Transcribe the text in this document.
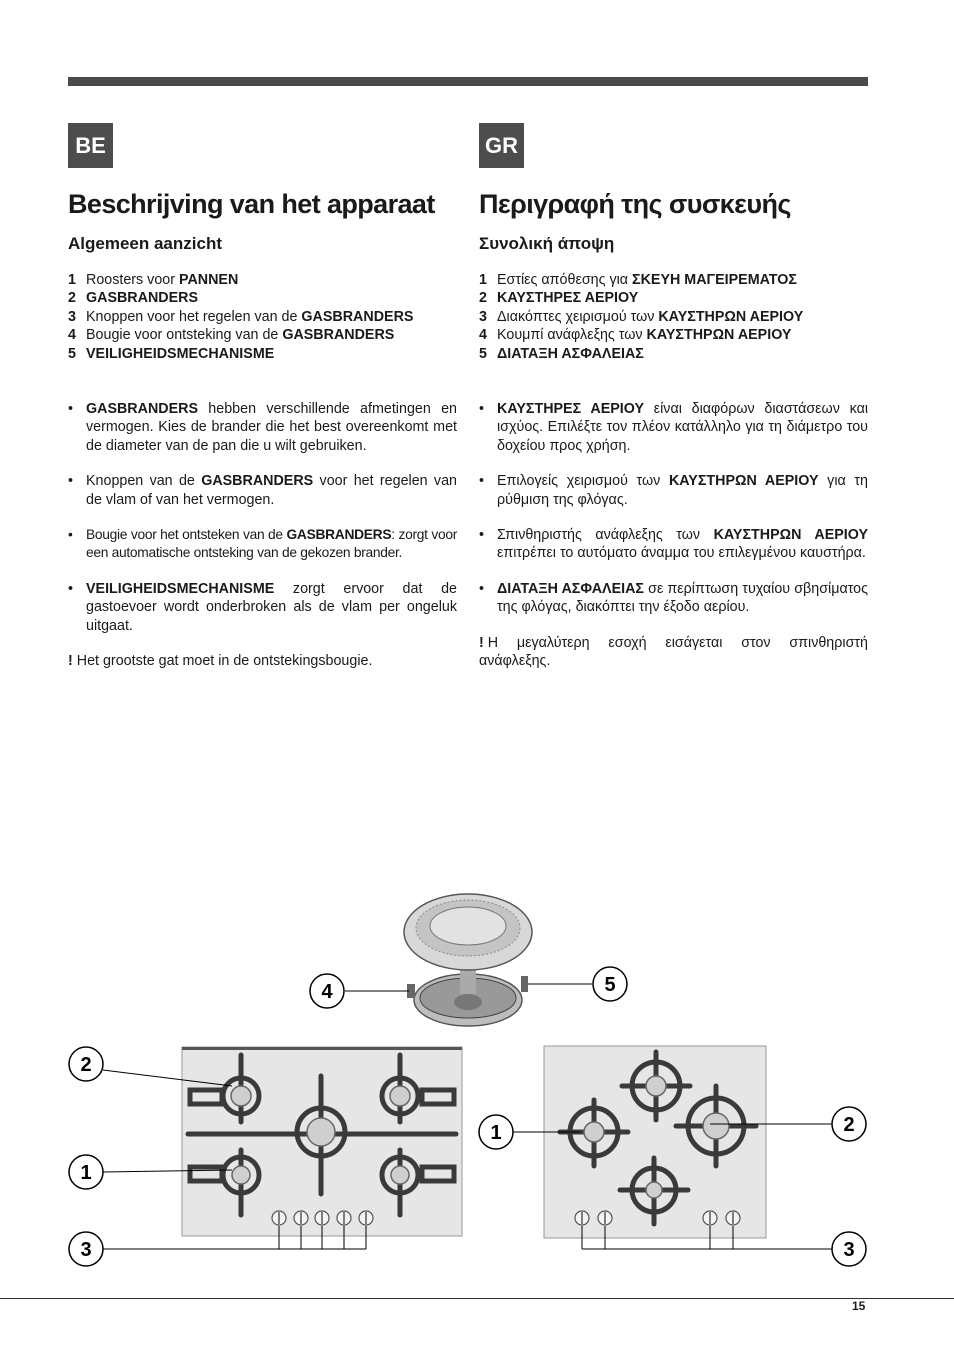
BE	GR
Beschrijving van het apparaat
Algemeen aanzicht
1 Roosters voor PANNEN
2 GASBRANDERS
3 Knoppen voor het regelen van de GASBRANDERS
4 Bougie voor ontsteking van de GASBRANDERS
5 VEILIGHEIDSMECHANISME
• GASBRANDERS hebben verschillende afmetingen en vermogen. Kies de brander die het best overeenkomt met de diameter van de pan die u wilt gebruiken.
• Knoppen van de GASBRANDERS voor het regelen van de vlam of van het vermogen.
• Bougie voor het ontsteken van de GASBRANDERS: zorgt voor een automatische ontsteking van de gekozen brander.
• VEILIGHEIDSMECHANISME zorgt ervoor dat de gastoevoer wordt onderbroken als de vlam per ongeluk uitgaat.

! Het grootste gat moet in de ontstekingsbougie.

Περιγραφή της συσκευής
Συνολική άποψη
1 Εστίες απόθεσης για ΣΚΕΥΗ ΜΑΓΕΙΡΕΜΑΤΟΣ
2 ΚΑΥΣΤΗΡΕΣ ΑΕΡΙΟΥ
3 Διακόπτες χειρισμού των ΚΑΥΣΤΗΡΩΝ ΑΕΡΙΟΥ
4 Κουμπί ανάφλεξης των ΚΑΥΣΤΗΡΩΝ ΑΕΡΙΟΥ
5 ΔΙΑΤΑΞΗ ΑΣΦΑΛΕΙΑΣ
• ΚΑΥΣΤΗΡΕΣ ΑΕΡΙΟΥ είναι διαφόρων διαστάσεων και ισχύος. Επιλέξτε τον πλέον κατάλληλο για τη διάμετρο του δοχείου προς χρήση.
• Επιλογείς χειρισμού των ΚΑΥΣΤΗΡΩΝ ΑΕΡΙΟΥ για τη ρύθμιση της φλόγας.
• Σπινθηριστής ανάφλεξης των ΚΑΥΣΤΗΡΩΝ ΑΕΡΙΟΥ επιτρέπει το αυτόματο άναμμα του επιλεγμένου καυστήρα.
• ΔΙΑΤΑΞΗ ΑΣΦΑΛΕΙΑΣ σε περίπτωση τυχαίου σβησίματος της φλόγας, διακόπτει την έξοδο αερίου.

! Η μεγαλύτερη εσοχή εισάγεται στον σπινθηριστή ανάφλεξης.

4	5
2
1
3
1	2
3
15
